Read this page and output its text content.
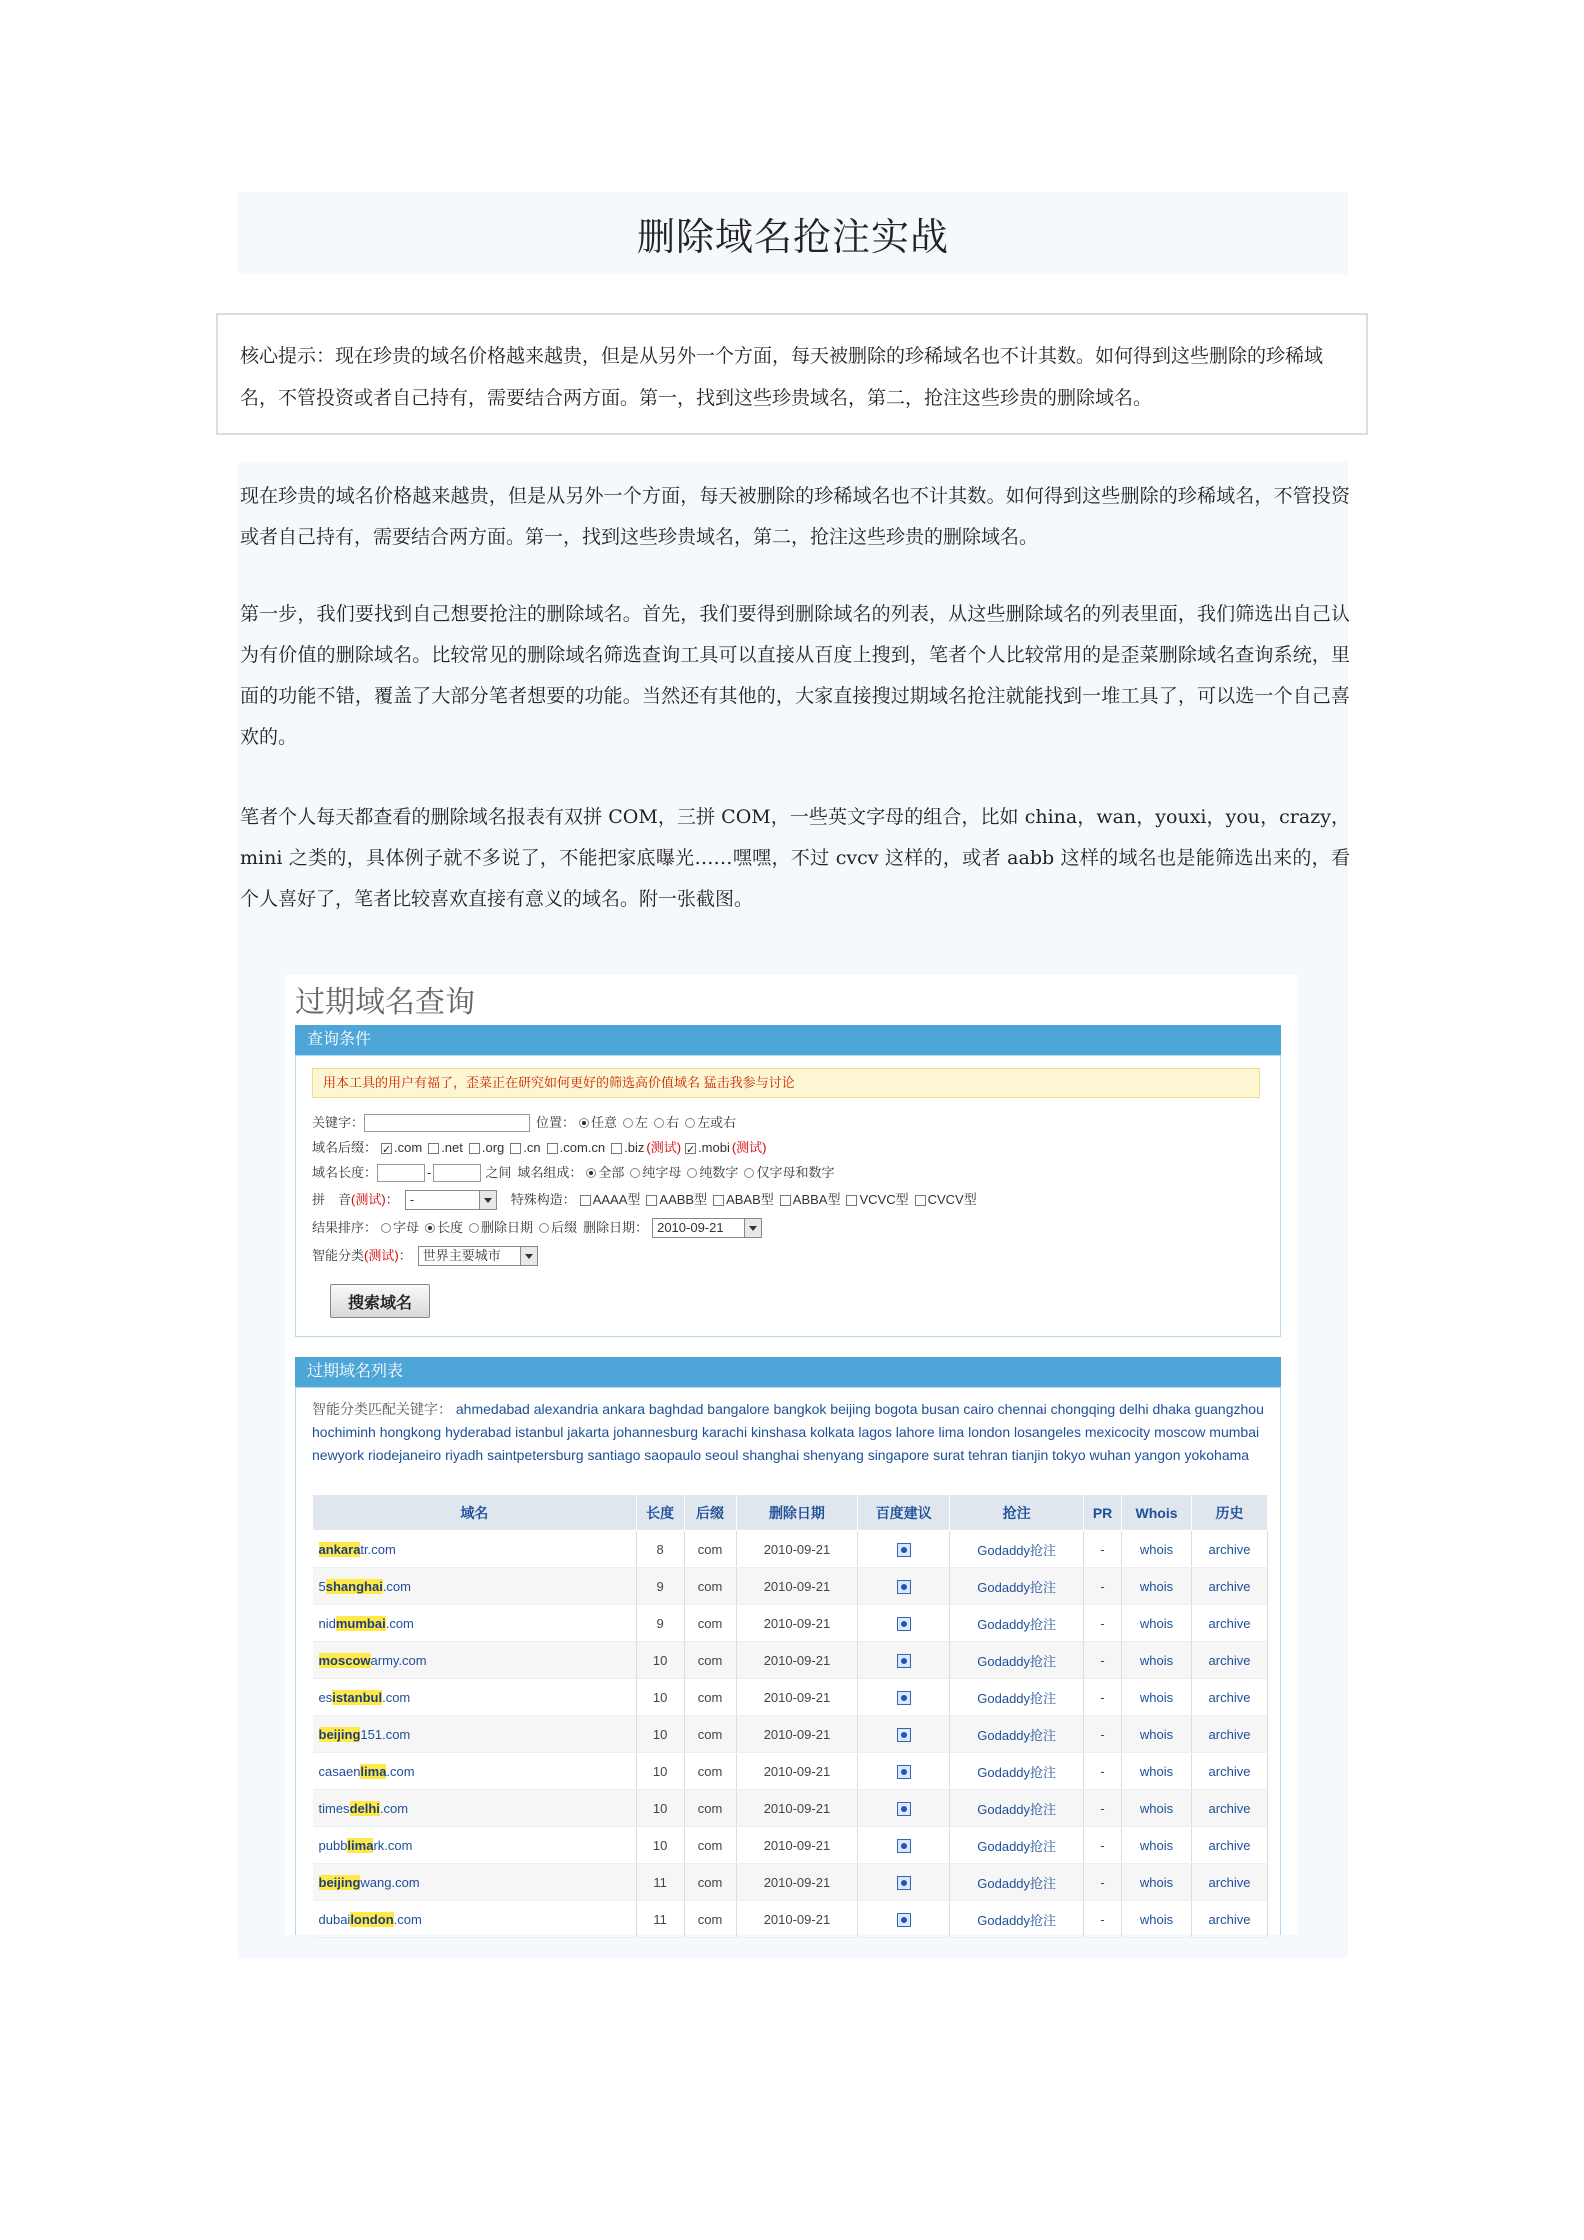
删除域名抢注实战
核心提示：现在珍贵的域名价格越来越贵，但是从另外一个方面，每天被删除的珍稀域名也不计其数。如何得到这些删除的珍稀域名，不管投资或者自己持有，需要结合两方面。第一，找到这些珍贵域名，第二，抢注这些珍贵的删除域名。

现在珍贵的域名价格越来越贵，但是从另外一个方面，每天被删除的珍稀域名也不计其数。如何得到这些删除的珍稀域名，不管投资或者自己持有，需要结合两方面。第一，找到这些珍贵域名，第二，抢注这些珍贵的删除域名。

第一步，我们要找到自己想要抢注的删除域名。首先，我们要得到删除域名的列表，从这些删除域名的列表里面，我们筛选出自己认为有价值的删除域名。比较常见的删除域名筛选查询工具可以直接从百度上搜到，笔者个人比较常用的是歪菜删除域名查询系统，里面的功能不错，覆盖了大部分笔者想要的功能。当然还有其他的，大家直接搜过期域名抢注就能找到一堆工具了，可以选一个自己喜欢的。

笔者个人每天都查看的删除域名报表有双拼 COM，三拼 COM，一些英文字母的组合，比如 china，wan，youxi，you，crazy，mini 之类的，具体例子就不多说了，不能把家底曝光……嘿嘿，不过 cvcv 这样的，或者 aabb 这样的域名也是能筛选出来的，看个人喜好了，笔者比较喜欢直接有意义的域名。附一张截图。

过期域名查询
查询条件
用本工具的用户有福了，歪菜正在研究如何更好的筛选高价值域名 猛击我参与讨论
关键字：	位置： 任意 左 右 左或右
域名后缀： ✓ .com .net .org .cn .com.cn .biz (测试) ✓ .mobi (测试)
域名长度：	-	之间 域名组成： 全部 纯字母 纯数字 仅字母和数字
拼　音 (测试) ： -	特殊构造： AAAA型 AABB型 ABAB型 ABBA型 VCVC型 CVCV型
结果排序： 字母 长度 删除日期 后缀 删除日期： 2010-09-21
智能分类 (测试) ： 世界主要城市
搜索域名
过期域名列表
智能分类匹配关键字： ahmedabad alexandria ankara baghdad bangalore bangkok beijing bogota busan cairo chennai chongqing delhi dhaka guangzhou hochiminh hongkong hyderabad istanbul jakarta johannesburg karachi kinshasa kolkata lagos lahore lima london losangeles mexicocity moscow mumbai newyork riodejaneiro riyadh saintpetersburg santiago saopaulo seoul shanghai shenyang singapore surat tehran tianjin tokyo wuhan yangon yokohama
域名	长度	后缀	删除日期	百度建议	抢注	PR	Whois	历史
ankaratr.com	8	com	2010-09-21		Godaddy抢注	-	whois	archive
5shanghai.com	9	com	2010-09-21		Godaddy抢注	-	whois	archive
nidmumbai.com	9	com	2010-09-21		Godaddy抢注	-	whois	archive
moscowarmy.com	10	com	2010-09-21		Godaddy抢注	-	whois	archive
esistanbul.com	10	com	2010-09-21		Godaddy抢注	-	whois	archive
beijing151.com	10	com	2010-09-21		Godaddy抢注	-	whois	archive
casaenlima.com	10	com	2010-09-21		Godaddy抢注	-	whois	archive
timesdelhi.com	10	com	2010-09-21		Godaddy抢注	-	whois	archive
pubblimark.com	10	com	2010-09-21		Godaddy抢注	-	whois	archive
beijingwang.com	11	com	2010-09-21		Godaddy抢注	-	whois	archive
dubailondon.com	11	com	2010-09-21		Godaddy抢注	-	whois	archive
